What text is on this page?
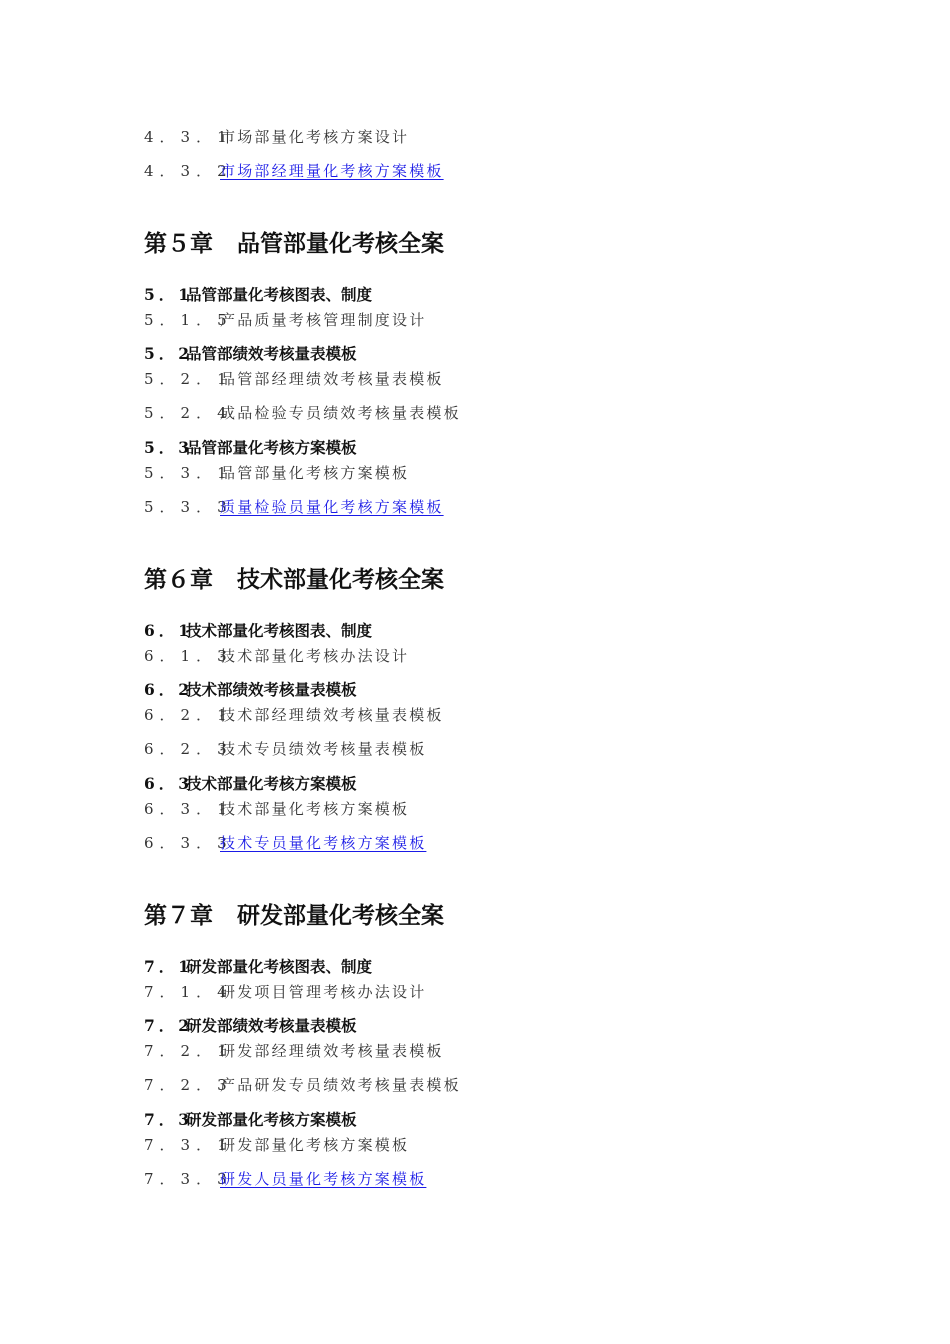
4．3．1市场部量化考核方案设计
4．3．2市场部经理量化考核方案模板
第５章 品管部量化考核全案
5．1品管部量化考核图表、制度
5．1．5产品质量考核管理制度设计
5．2品管部绩效考核量表模板
5．2．1品管部经理绩效考核量表模板
5．2．4成品检验专员绩效考核量表模板
5．3品管部量化考核方案模板
5．3．1品管部量化考核方案模板
5．3．3质量检验员量化考核方案模板
第６章 技术部量化考核全案
6．1技术部量化考核图表、制度
6．1．3技术部量化考核办法设计
6．2技术部绩效考核量表模板
6．2．1技术部经理绩效考核量表模板
6．2．3技术专员绩效考核量表模板
6．3技术部量化考核方案模板
6．3．1技术部量化考核方案模板
6．3．3技术专员量化考核方案模板
第７章 研发部量化考核全案
7．1研发部量化考核图表、制度
7．1．4研发项目管理考核办法设计
7．2研发部绩效考核量表模板
7．2．1研发部经理绩效考核量表模板
7．2．3产品研发专员绩效考核量表模板
7．3研发部量化考核方案模板
7．3．1研发部量化考核方案模板
7．3．3研发人员量化考核方案模板
